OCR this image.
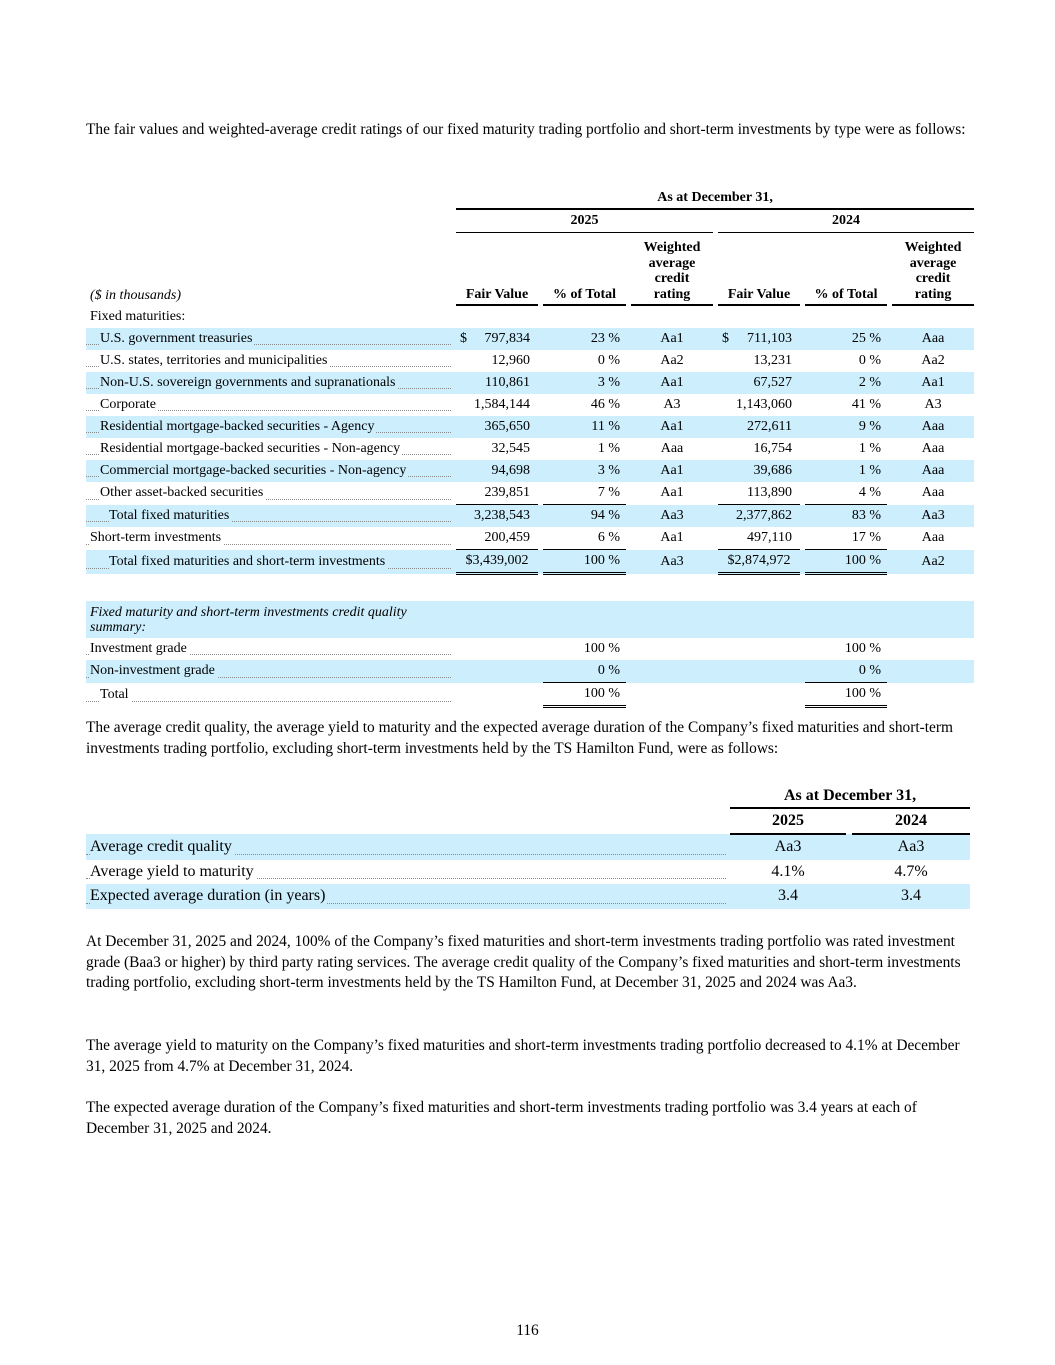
The fair values and weighted-average credit ratings of our fixed maturity trading portfolio and short-term investments by type were as follows:

		As at December 31,										
		2025						2024				
($ in thousands)		Fair Value		% of Total		Weighted average credit rating		Fair Value		% of Total		Weighted average credit rating
Fixed maturities:												

U.S. government treasuries		$ 797,834		23 %		Aa1		$ 711,103		25 %		Aaa

U.S. states, territories and municipalities		12,960		0 %		Aa2		13,231		0 %		Aa2

Non-U.S. sovereign governments and supranationals		110,861		3 %		Aa1		67,527		2 %		Aa1

Corporate		1,584,144		46 %		A3		1,143,060		41 %		A3

Residential mortgage-backed securities - Agency		365,650		11 %		Aa1		272,611		9 %		Aaa

Residential mortgage-backed securities - Non-agency		32,545		1 %		Aaa		16,754		1 %		Aaa

Commercial mortgage-backed securities - Non-agency		94,698		3 %		Aa1		39,686		1 %		Aaa

Other asset-backed securities		239,851		7 %		Aa1		113,890		4 %		Aaa

Total fixed maturities		3,238,543		94 %		Aa3		2,377,862		83 %		Aa3

Short-term investments		200,459		6 %		Aa1		497,110		17 %		Aaa

Total fixed maturities and short-term investments		$3,439,002		100 %		Aa3		$2,874,972		100 %		Aa2

Fixed maturity and short-term investments credit quality summary:												

Investment grade				100 %						100 %		

Non-investment grade				0 %						0 %		

Total				100 %						100 %		

The average credit quality, the average yield to maturity and the expected average duration of the Company’s fixed maturities and short-term investments trading portfolio, excluding short-term investments held by the TS Hamilton Fund, were as follows:

		As at December 31,		
		2025		2024

Average credit quality		Aa3		Aa3

Average yield to maturity		4.1%		4.7%

Expected average duration (in years)		3.4		3.4

At December 31, 2025 and 2024, 100% of the Company’s fixed maturities and short-term investments trading portfolio was rated investment grade (Baa3 or higher) by third party rating services. The average credit quality of the Company’s fixed maturities and short-term investments trading portfolio, excluding short-term investments held by the TS Hamilton Fund, at December 31, 2025 and 2024 was Aa3.

The average yield to maturity on the Company’s fixed maturities and short-term investments trading portfolio decreased to 4.1% at December 31, 2025 from 4.7% at December 31, 2024.

The expected average duration of the Company’s fixed maturities and short-term investments trading portfolio was 3.4 years at each of December 31, 2025 and 2024.

116
